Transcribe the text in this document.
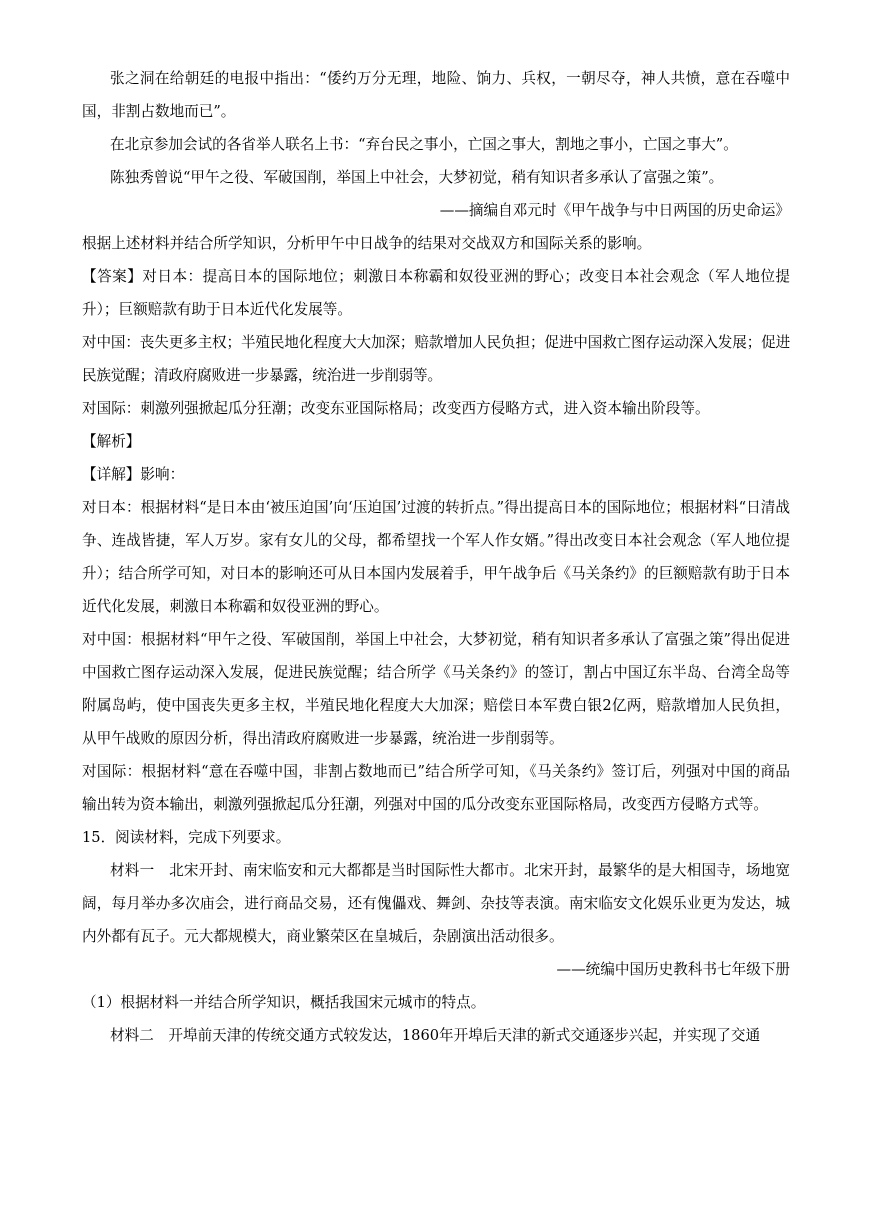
张之洞在给朝廷的电报中指出：“倭约万分无理，地险、饷力、兵权，一朝尽夺，神人共愤，意在吞噬中国，非割占数地而已”。

在北京参加会试的各省举人联名上书：“弃台民之事小，亡国之事大，割地之事小，亡国之事大”。

陈独秀曾说“甲午之役、军破国削，举国上中社会，大梦初觉，稍有知识者多承认了富强之策”。

——摘编自邓元时《甲午战争与中日两国的历史命运》

根据上述材料并结合所学知识，分析甲午中日战争的结果对交战双方和国际关系的影响。

【答案】对日本：提高日本的国际地位；刺激日本称霸和奴役亚洲的野心；改变日本社会观念（军人地位提升）；巨额赔款有助于日本近代化发展等。

对中国：丧失更多主权；半殖民地化程度大大加深；赔款增加人民负担；促进中国救亡图存运动深入发展；促进民族觉醒；清政府腐败进一步暴露，统治进一步削弱等。

对国际：刺激列强掀起瓜分狂潮；改变东亚国际格局；改变西方侵略方式，进入资本输出阶段等。

【解析】

【详解】影响：

对日本：根据材料“是日本由‘被压迫国’向‘压迫国’过渡的转折点。”得出提高日本的国际地位；根据材料“日清战争、连战皆捷，军人万岁。家有女儿的父母，都希望找一个军人作女婿。”得出改变日本社会观念（军人地位提升）；结合所学可知，对日本的影响还可从日本国内发展着手，甲午战争后《马关条约》的巨额赔款有助于日本近代化发展，刺激日本称霸和奴役亚洲的野心。

对中国：根据材料“甲午之役、军破国削，举国上中社会，大梦初觉，稍有知识者多承认了富强之策”得出促进中国救亡图存运动深入发展，促进民族觉醒；结合所学《马关条约》的签订，割占中国辽东半岛、台湾全岛等附属岛屿，使中国丧失更多主权，半殖民地化程度大大加深；赔偿日本军费白银2亿两，赔款增加人民负担，从甲午战败的原因分析，得出清政府腐败进一步暴露，统治进一步削弱等。

对国际：根据材料“意在吞噬中国，非割占数地而已”结合所学可知，《马关条约》签订后，列强对中国的商品输出转为资本输出，刺激列强掀起瓜分狂潮，列强对中国的瓜分改变东亚国际格局，改变西方侵略方式等。

15．阅读材料，完成下列要求。

材料一　北宋开封、南宋临安和元大都都是当时国际性大都市。北宋开封，最繁华的是大相国寺，场地宽阔，每月举办多次庙会，进行商品交易，还有傀儡戏、舞剑、杂技等表演。南宋临安文化娱乐业更为发达，城内外都有瓦子。元大都规模大，商业繁荣区在皇城后，杂剧演出活动很多。

——统编中国历史教科书七年级下册

（1）根据材料一并结合所学知识，概括我国宋元城市的特点。

材料二　开埠前天津的传统交通方式较发达，1860年开埠后天津的新式交通逐步兴起，并实现了交通
